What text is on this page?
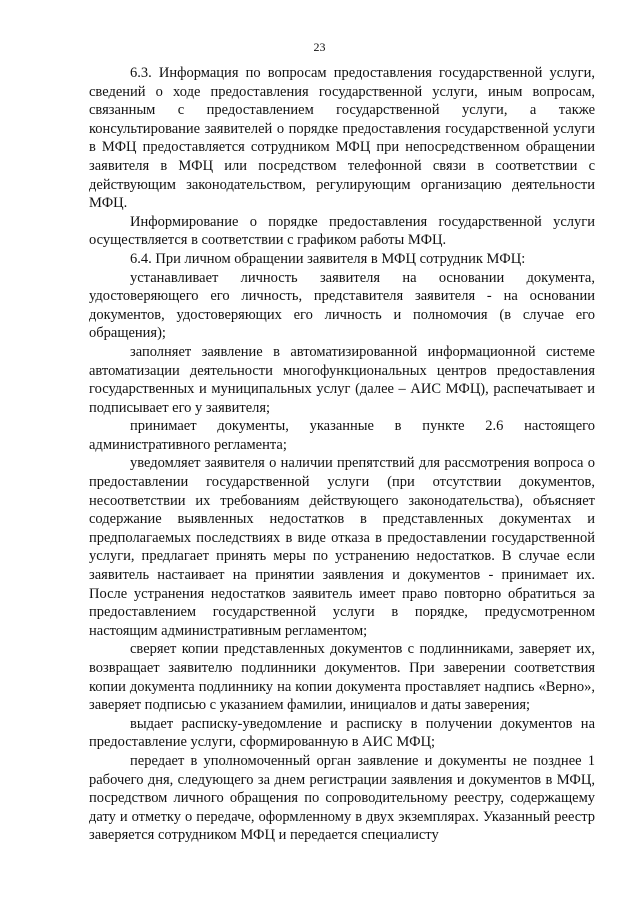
23

6.3. Информация по вопросам предоставления государственной услуги, сведений о ходе предоставления государственной услуги, иным вопросам, связанным с предоставлением государственной услуги, а также консультирование заявителей о порядке предоставления государственной услуги в МФЦ предоставляется сотрудником МФЦ при непосредственном обращении заявителя в МФЦ или посредством телефонной связи в соответствии с действующим законодательством, регулирующим организацию деятельности МФЦ.

Информирование о порядке предоставления государственной услуги осуществляется в соответствии с графиком работы МФЦ.

6.4. При личном обращении заявителя в МФЦ сотрудник МФЦ:

устанавливает личность заявителя на основании документа, удостоверяющего его личность, представителя заявителя - на основании документов, удостоверяющих его личность и полномочия (в случае его обращения);

заполняет заявление в автоматизированной информационной системе автоматизации деятельности многофункциональных центров предоставления государственных и муниципальных услуг (далее – АИС МФЦ), распечатывает и подписывает его у заявителя;

принимает документы, указанные в пункте 2.6 настоящего административного регламента;

уведомляет заявителя о наличии препятствий для рассмотрения вопроса о предоставлении государственной услуги (при отсутствии документов, несоответствии их требованиям действующего законодательства), объясняет содержание выявленных недостатков в представленных документах и предполагаемых последствиях в виде отказа в предоставлении государственной услуги, предлагает принять меры по устранению недостатков. В случае если заявитель настаивает на принятии заявления и документов - принимает их. После устранения недостатков заявитель имеет право повторно обратиться за предоставлением государственной услуги в порядке, предусмотренном настоящим административным регламентом;

сверяет копии представленных документов с подлинниками, заверяет их, возвращает заявителю подлинники документов. При заверении соответствия копии документа подлиннику на копии документа проставляет надпись «Верно», заверяет подписью с указанием фамилии, инициалов и даты заверения;

выдает расписку-уведомление и расписку в получении документов на предоставление услуги, сформированную в АИС МФЦ;

передает в уполномоченный орган заявление и документы не позднее 1 рабочего дня, следующего за днем регистрации заявления и документов в МФЦ, посредством личного обращения по сопроводительному реестру, содержащему дату и отметку о передаче, оформленному в двух экземплярах. Указанный реестр заверяется сотрудником МФЦ и передается специалисту
